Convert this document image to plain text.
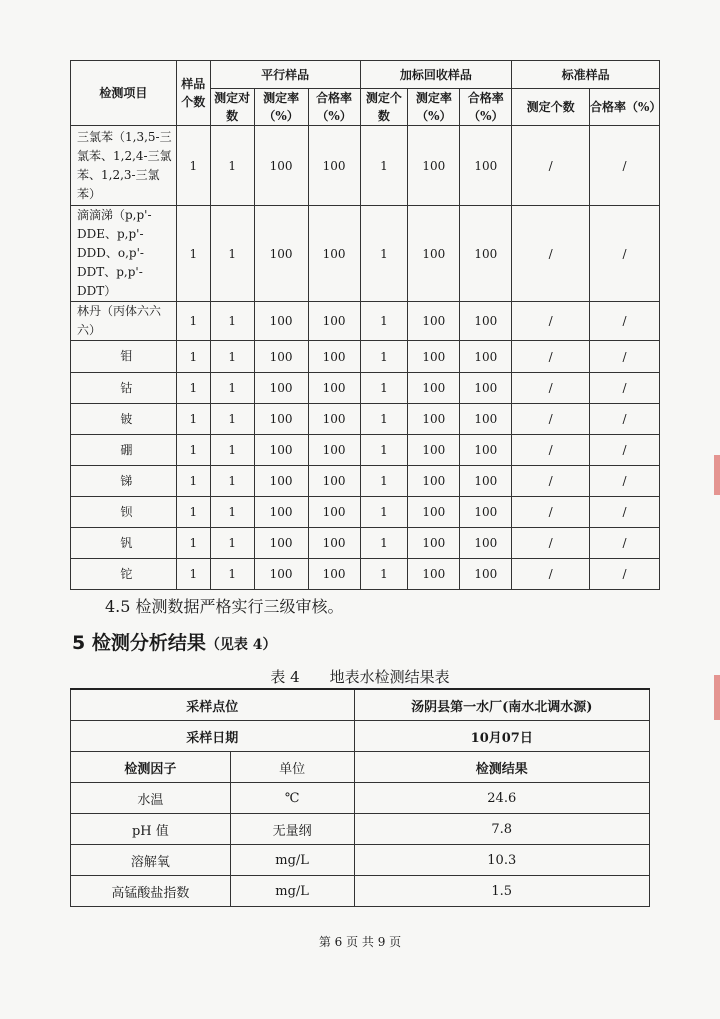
检测项目	样品个数	平行样品			加标回收样品			标准样品	
		测定对数	测定率（%）	合格率（%）	测定个数	测定率（%）	合格率（%）	测定个数	合格率（%）
三氯苯（1,3,5-三氯苯、1,2,4-三氯苯、1,2,3-三氯苯）	1	1	100	100	1	100	100	/	/
滴滴涕（p,p'-DDE、p,p'-DDD、o,p'-DDT、p,p'-DDT）	1	1	100	100	1	100	100	/	/
林丹（丙体六六六）	1	1	100	100	1	100	100	/	/
钼	1	1	100	100	1	100	100	/	/
钴	1	1	100	100	1	100	100	/	/
铍	1	1	100	100	1	100	100	/	/
硼	1	1	100	100	1	100	100	/	/
锑	1	1	100	100	1	100	100	/	/
钡	1	1	100	100	1	100	100	/	/
钒	1	1	100	100	1	100	100	/	/
铊	1	1	100	100	1	100	100	/	/
4.5 检测数据严格实行三级审核。
5 检测分析结果（见表 4）
表 4　　地表水检测结果表
采样点位		汤阴县第一水厂(南水北调水源)
采样日期		10月07日
检测因子	单位	检测结果
水温	℃	24.6
pH 值	无量纲	7.8
溶解氧	mg/L	10.3
高锰酸盐指数	mg/L	1.5
第 6 页 共 9 页
